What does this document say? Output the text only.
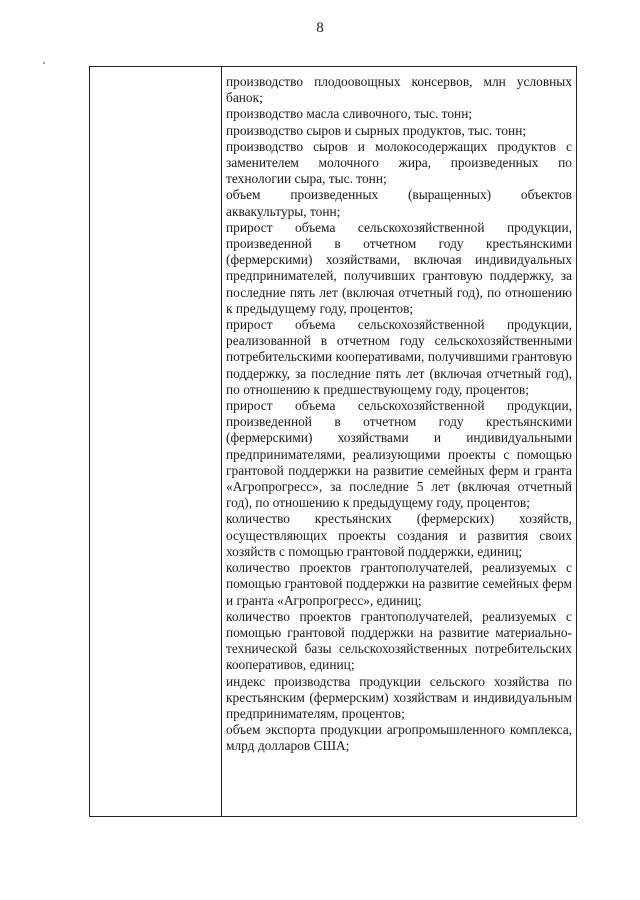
8
производство плодоовощных консервов, млн условных банок;
производство масла сливочного, тыс. тонн;
производство сыров и сырных продуктов, тыс. тонн;
производство сыров и молокосодержащих продуктов с заменителем молочного жира, произведенных по технологии сыра, тыс. тонн;
объем произведенных (выращенных) объектов аквакультуры, тонн;
прирост объема сельскохозяйственной продукции, произведенной в отчетном году крестьянскими (фермерскими) хозяйствами, включая индивидуальных предпринимателей, получивших грантовую поддержку, за последние пять лет (включая отчетный год), по отношению к предыдущему году, процентов;
прирост объема сельскохозяйственной продукции, реализованной в отчетном году сельскохозяйственными потребительскими кооперативами, получившими грантовую поддержку, за последние пять лет (включая отчетный год), по отношению к предшествующему году, процентов;
прирост объема сельскохозяйственной продукции, произведенной в отчетном году крестьянскими (фермерскими) хозяйствами и индивидуальными предпринимателями, реализующими проекты с помощью грантовой поддержки на развитие семейных ферм и гранта «Агропрогресс», за последние 5 лет (включая отчетный год), по отношению к предыдущему году, процентов;
количество крестьянских (фермерских) хозяйств, осуществляющих проекты создания и развития своих хозяйств с помощью грантовой поддержки, единиц;
количество проектов грантополучателей, реализуемых с помощью грантовой поддержки на развитие семейных ферм и гранта «Агропрогресс», единиц;
количество проектов грантополучателей, реализуемых с помощью грантовой поддержки на развитие материально-технической базы сельскохозяйственных потребительских кооперативов, единиц;
индекс производства продукции сельского хозяйства по крестьянским (фермерским) хозяйствам и индивидуальным предпринимателям, процентов;
объем экспорта продукции агропромышленного комплекса, млрд долларов США;
